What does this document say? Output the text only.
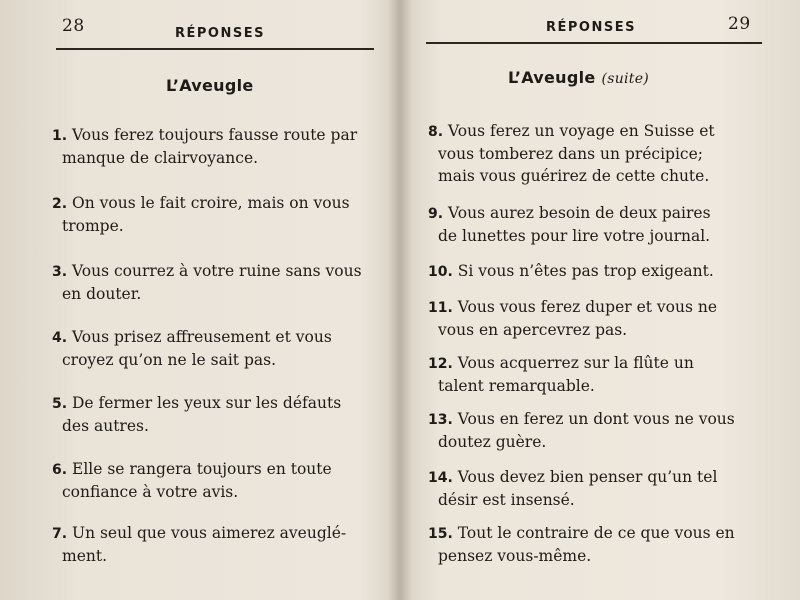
28	RÉPONSES
L’Aveugle
1. Vous ferez toujours fausse route par
manque de clairvoyance.
2. On vous le fait croire, mais on vous
trompe.
3. Vous courrez à votre ruine sans vous
en douter.
4. Vous prisez affreusement et vous
croyez qu’on ne le sait pas.
5. De fermer les yeux sur les défauts
des autres.
6. Elle se rangera toujours en toute
confiance à votre avis.
7. Un seul que vous aimerez aveuglé-
ment.
RÉPONSES	29
L’Aveugle (suite)
8. Vous ferez un voyage en Suisse et
vous tomberez dans un précipice;
mais vous guérirez de cette chute.
9. Vous aurez besoin de deux paires
de lunettes pour lire votre journal.
10. Si vous n’êtes pas trop exigeant.
11. Vous vous ferez duper et vous ne
vous en apercevrez pas.
12. Vous acquerrez sur la flûte un
talent remarquable.
13. Vous en ferez un dont vous ne vous
doutez guère.
14. Vous devez bien penser qu’un tel
désir est insensé.
15. Tout le contraire de ce que vous en
pensez vous-même.
